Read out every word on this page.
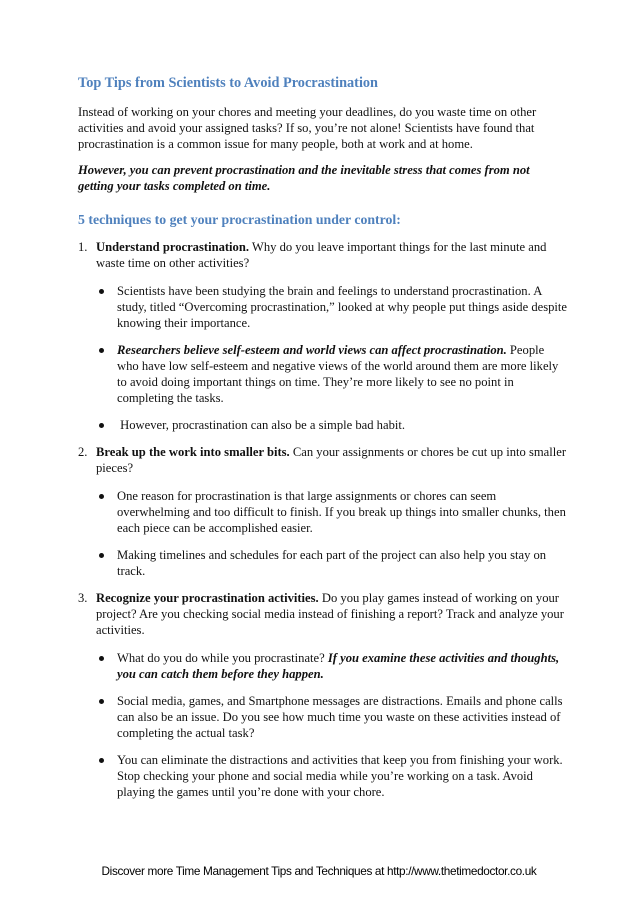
Top Tips from Scientists to Avoid Procrastination

Instead of working on your chores and meeting your deadlines, do you waste time on other activities and avoid your assigned tasks? If so, you’re not alone! Scientists have found that procrastination is a common issue for many people, both at work and at home.

However, you can prevent procrastination and the inevitable stress that comes from not getting your tasks completed on time.

5 techniques to get your procrastination under control:
1. Understand procrastination. Why do you leave important things for the last minute and waste time on other activities?
Scientists have been studying the brain and feelings to understand procrastination. A study, titled “Overcoming procrastination,” looked at why people put things aside despite knowing their importance.
Researchers believe self-esteem and world views can affect procrastination. People who have low self-esteem and negative views of the world around them are more likely to avoid doing important things on time. They’re more likely to see no point in completing the tasks.
However, procrastination can also be a simple bad habit.
2. Break up the work into smaller bits. Can your assignments or chores be cut up into smaller pieces?
One reason for procrastination is that large assignments or chores can seem overwhelming and too difficult to finish. If you break up things into smaller chunks, then each piece can be accomplished easier.
Making timelines and schedules for each part of the project can also help you stay on track.
3. Recognize your procrastination activities. Do you play games instead of working on your project? Are you checking social media instead of finishing a report? Track and analyze your activities.
What do you do while you procrastinate? If you examine these activities and thoughts, you can catch them before they happen.
Social media, games, and Smartphone messages are distractions. Emails and phone calls can also be an issue. Do you see how much time you waste on these activities instead of completing the actual task?
You can eliminate the distractions and activities that keep you from finishing your work. Stop checking your phone and social media while you’re working on a task. Avoid playing the games until you’re done with your chore.
Discover more Time Management Tips and Techniques at http://www.thetimedoctor.co.uk
